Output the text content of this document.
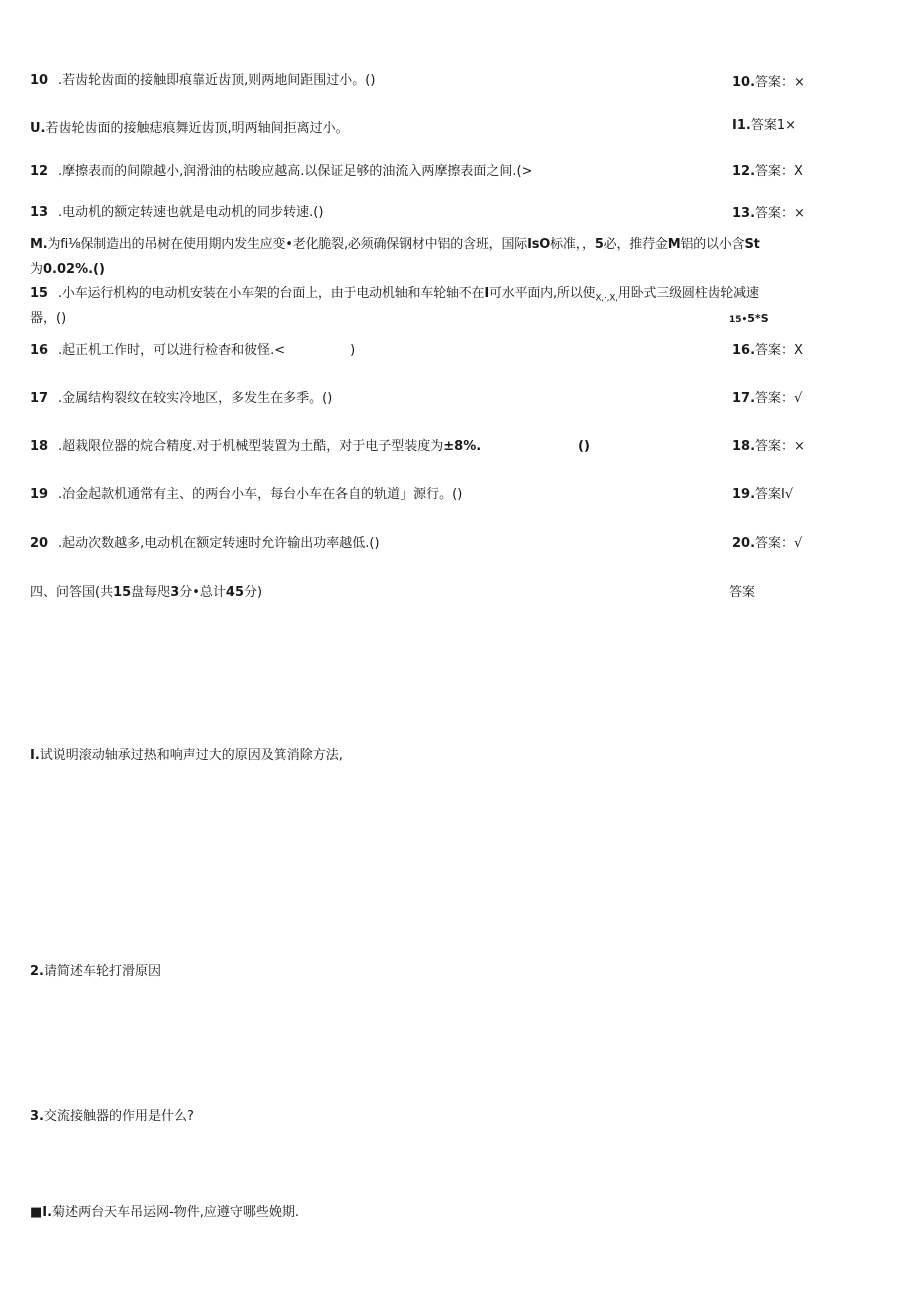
10 .若齿轮齿面的接触即痕靠近齿顶,则两地间距围过小。()	10.答案：×
U.若齿轮齿面的接触痣痕舞近齿顶,明两轴间拒离过小。	I1.答案1×
12 .摩擦表而的间隙越小,润滑油的枯晙应越高.以保证足够的油流入两摩擦表面之间.(>	12.答案：X
13 .电动机的额定转速也就是电动机的同步转速.()	13.答案：×
M.为fi⅛保制造出的吊树在使用期内发生应变•老化脆裂,必须确保钢材中铝的含班，国际IsO标准，，5必，推荇金M铝的以小含St
为0.02%.()
15 .小车运行机构的电动机安装在小车架的台面上，由于电动机轴和车轮轴不在I可水平面内,所以使$_{X,\cdot,X,}$用卧式三级圆柱齿轮减速
器，()	15•5*S
16 .起正机工作时，可以进行检杳和彼怪.<　　　　　)	16.答案：X
17 .金属结构裂纹在较实冷地区，多发生在多季。()	17.答案：√
18 .超栽限位器的烷合精度.对于机械型装置为土酷，对于电子型装度为±8%.	()	18.答案：×
19 .冶金起款机通常有主、的两台小车，每台小车在各自的轨道」源行。()	19.答案I√
20 .起动次数越多,电动机在额定转速时允许输出功率越低.()	20.答案：√
四、问答国(共15盘每咫3分•总计45分)	答案
I.试说明滚动轴承过热和响声过大的原因及箕消除方法,
2.请简述车轮打滑原因
3.交流接触器的作用是什么?
■I.菊述两台天车吊运网-物件,应遵守哪些娩期.
